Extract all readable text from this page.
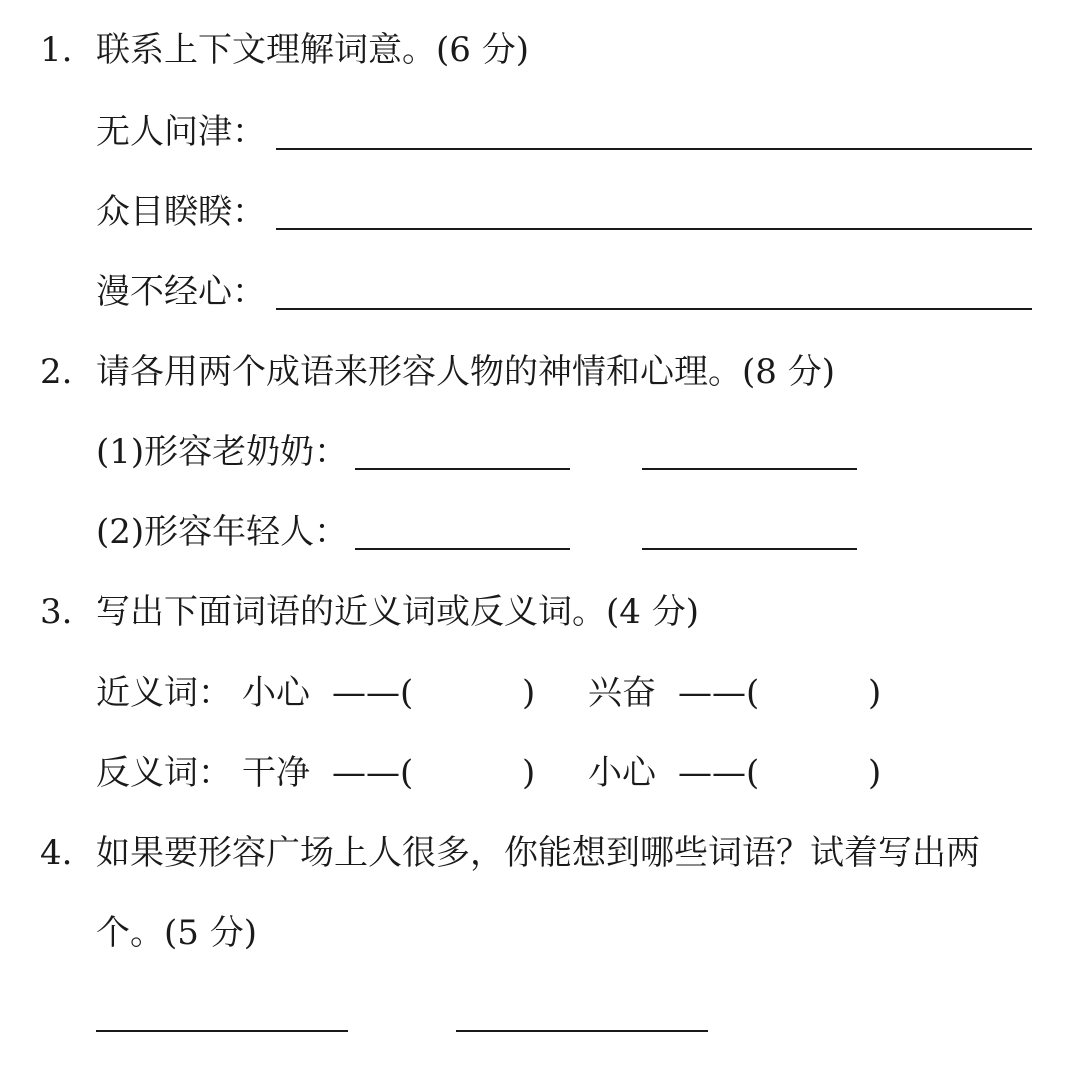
1. 联系上下文理解词意。(6 分)
无人问津：
众目睽睽：
漫不经心：
2. 请各用两个成语来形容人物的神情和心理。(8 分)
(1)形容老奶奶：
(2)形容年轻人：
3. 写出下面词语的近义词或反义词。(4 分)
近义词： 小心 ——(	) 兴奋 ——(	)
反义词： 干净 ——(	) 小心 ——(	)
4. 如果要形容广场上人很多，你能想到哪些词语？试着写出两
个。(5 分)
